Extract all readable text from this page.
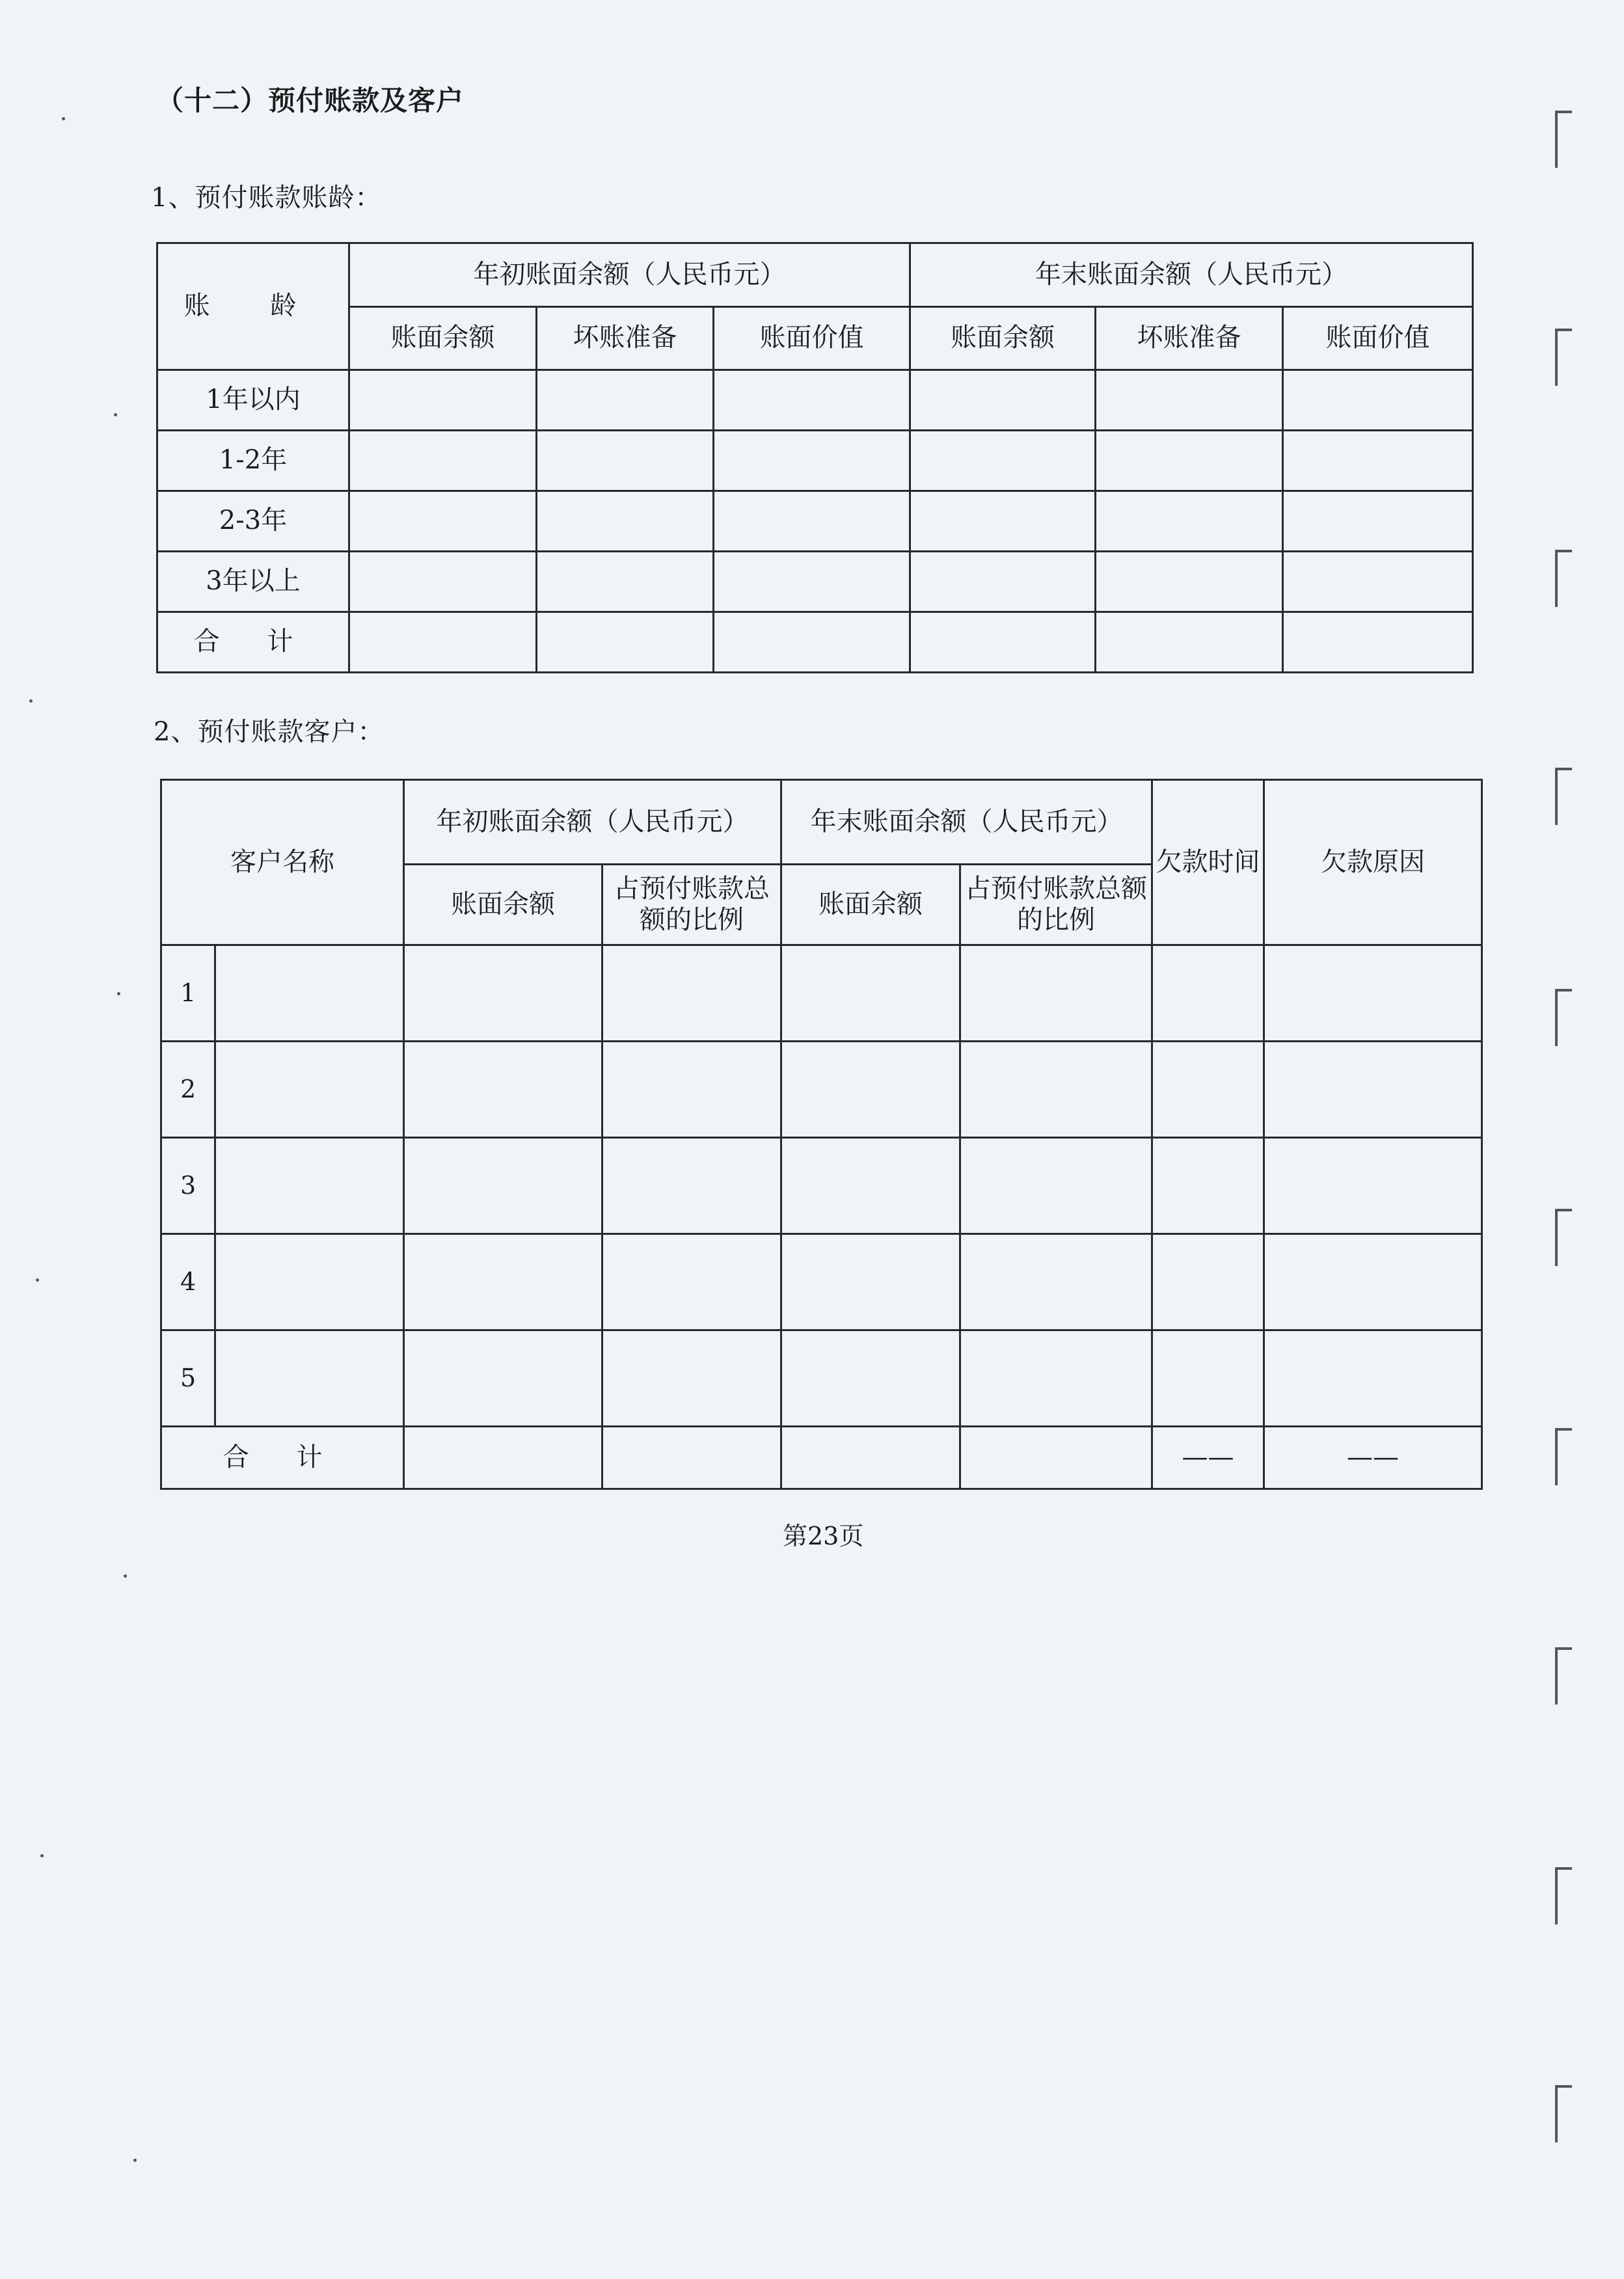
（十二）预付账款及客户
1、预付账款账龄：
账 龄	年初账面余额（人民币元）			年末账面余额（人民币元）		
	账面余额	坏账准备	账面价值	账面余额	坏账准备	账面价值
1年以内						
1-2年						
2-3年						
3年以上						
合 计						
2、预付账款客户：
客户名称		年初账面余额（人民币元）		年末账面余额（人民币元）		欠款时间	欠款原因
		账面余额	占预付账款总额的比例	账面余额	占预付账款总额的比例		
1							
2							
3							
4							
5							
合 计						——	——
第23页
